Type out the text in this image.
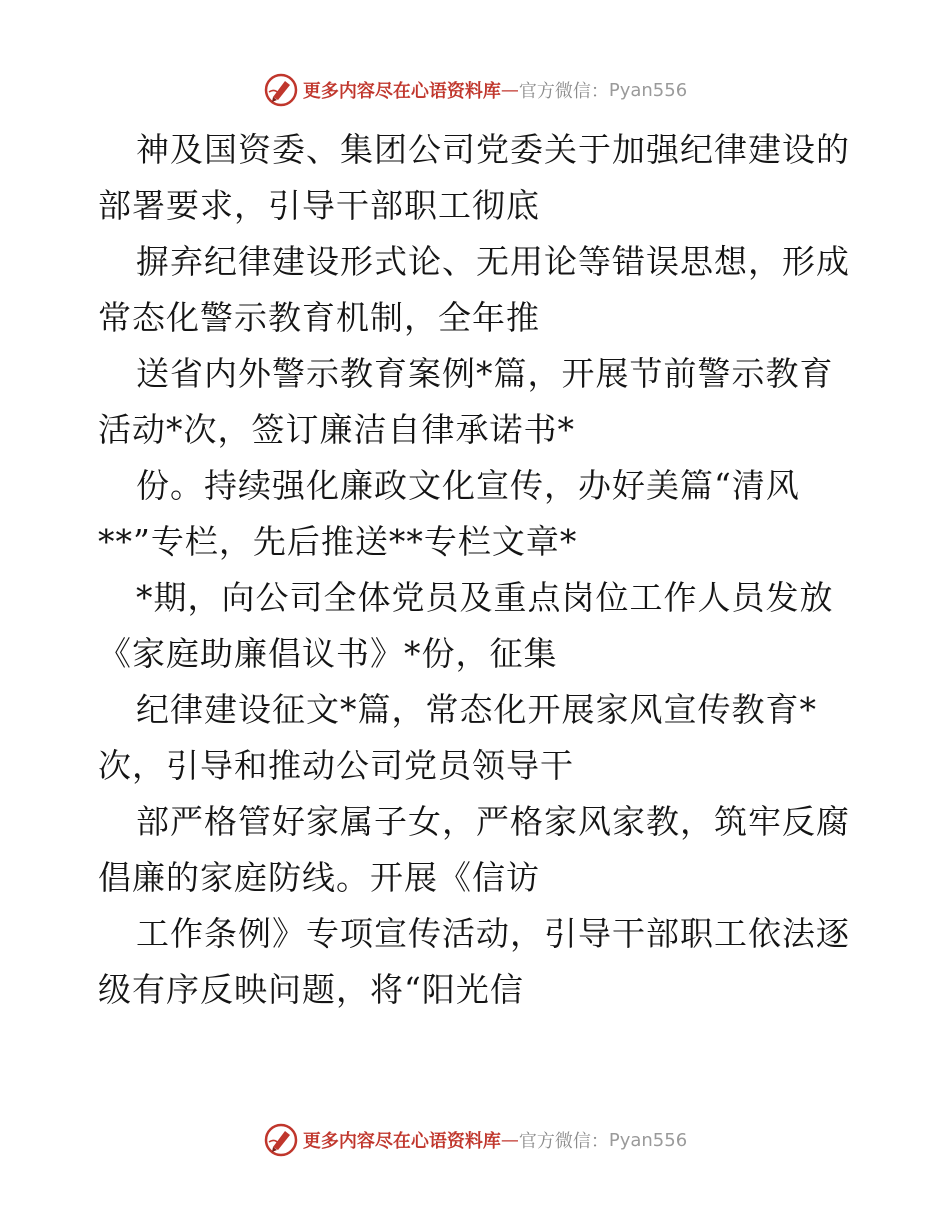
更多内容尽在心语资料库 — 官方微信： Pyan556
神及国资委、集团公司党委关于加强纪律建设的
部署要求，引导干部职工彻底
摒弃纪律建设形式论、无用论等错误思想，形成
常态化警示教育机制，全年推
送省内外警示教育案例*篇，开展节前警示教育
活动*次，签订廉洁自律承诺书*
份。持续强化廉政文化宣传，办好美篇“清风
**”专栏，先后推送**专栏文章*
*期，向公司全体党员及重点岗位工作人员发放
《家庭助廉倡议书》*份，征集
纪律建设征文*篇，常态化开展家风宣传教育*
次，引导和推动公司党员领导干
部严格管好家属子女，严格家风家教，筑牢反腐
倡廉的家庭防线。开展《信访
工作条例》专项宣传活动，引导干部职工依法逐
级有序反映问题，将“阳光信
更多内容尽在心语资料库 — 官方微信： Pyan556
